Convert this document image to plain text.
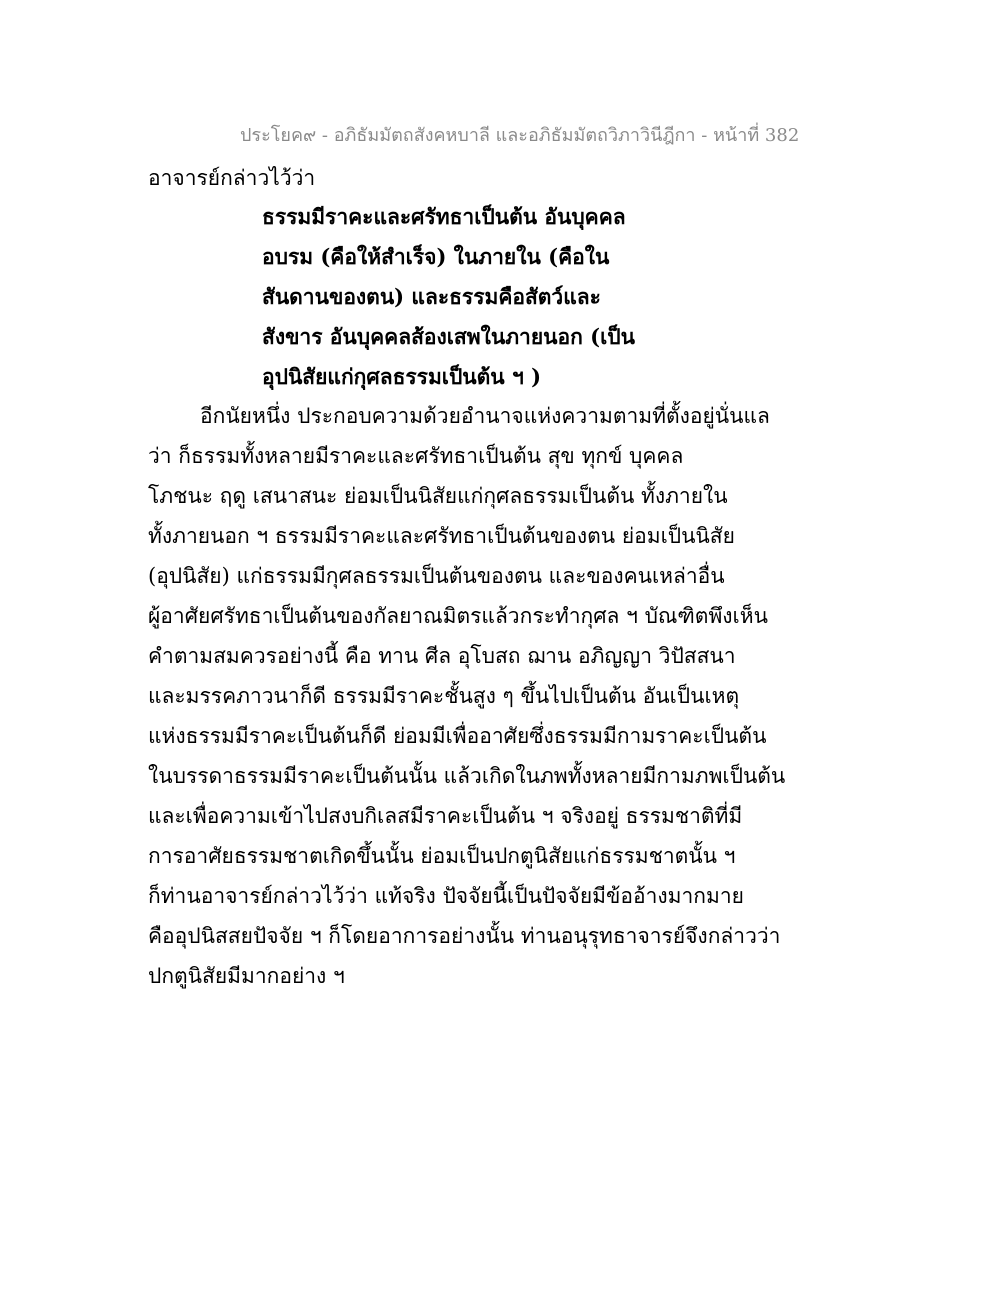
ประโยค๙ - อภิธัมมัตถสังคหบาลี และอภิธัมมัตถวิภาวินีฎีกา - หน้าที่ 382
อาจารย์กล่าวไว้ว่า
ธรรมมีราคะและศรัทธาเป็นต้น อันบุคคล
อบรม (คือให้สำเร็จ) ในภายใน (คือใน
สันดานของตน) และธรรมคือสัตว์และ
สังขาร อันบุคคลส้องเสพในภายนอก (เป็น
อุปนิสัยแก่กุศลธรรมเป็นต้น ฯ )
อีกนัยหนึ่ง ประกอบความด้วยอำนาจแห่งความตามที่ตั้งอยู่นั่นแล
ว่า ก็ธรรมทั้งหลายมีราคะและศรัทธาเป็นต้น สุข ทุกข์ บุคคล
โภชนะ ฤดู เสนาสนะ ย่อมเป็นนิสัยแก่กุศลธรรมเป็นต้น ทั้งภายใน
ทั้งภายนอก ฯ ธรรมมีราคะและศรัทธาเป็นต้นของตน ย่อมเป็นนิสัย
(อุปนิสัย) แก่ธรรมมีกุศลธรรมเป็นต้นของตน และของคนเหล่าอื่น
ผู้อาศัยศรัทธาเป็นต้นของกัลยาณมิตรแล้วกระทำกุศล ฯ บัณฑิตพึงเห็น
คำตามสมควรอย่างนี้ คือ ทาน ศีล อุโบสถ ฌาน อภิญญา วิปัสสนา
และมรรคภาวนาก็ดี ธรรมมีราคะชั้นสูง ๆ ขึ้นไปเป็นต้น อันเป็นเหตุ
แห่งธรรมมีราคะเป็นต้นก็ดี ย่อมมีเพื่ออาศัยซึ่งธรรมมีกามราคะเป็นต้น
ในบรรดาธรรมมีราคะเป็นต้นนั้น แล้วเกิดในภพทั้งหลายมีกามภพเป็นต้น
และเพื่อความเข้าไปสงบกิเลสมีราคะเป็นต้น ฯ จริงอยู่ ธรรมชาติที่มี
การอาศัยธรรมชาตเกิดขึ้นนั้น ย่อมเป็นปกตูนิสัยแก่ธรรมชาตนั้น ฯ
ก็ท่านอาจารย์กล่าวไว้ว่า แท้จริง ปัจจัยนี้เป็นปัจจัยมีข้ออ้างมากมาย
คืออุปนิสสยปัจจัย ฯ ก็โดยอาการอย่างนั้น ท่านอนุรุทธาจารย์จึงกล่าวว่า
ปกตูนิสัยมีมากอย่าง ฯ
